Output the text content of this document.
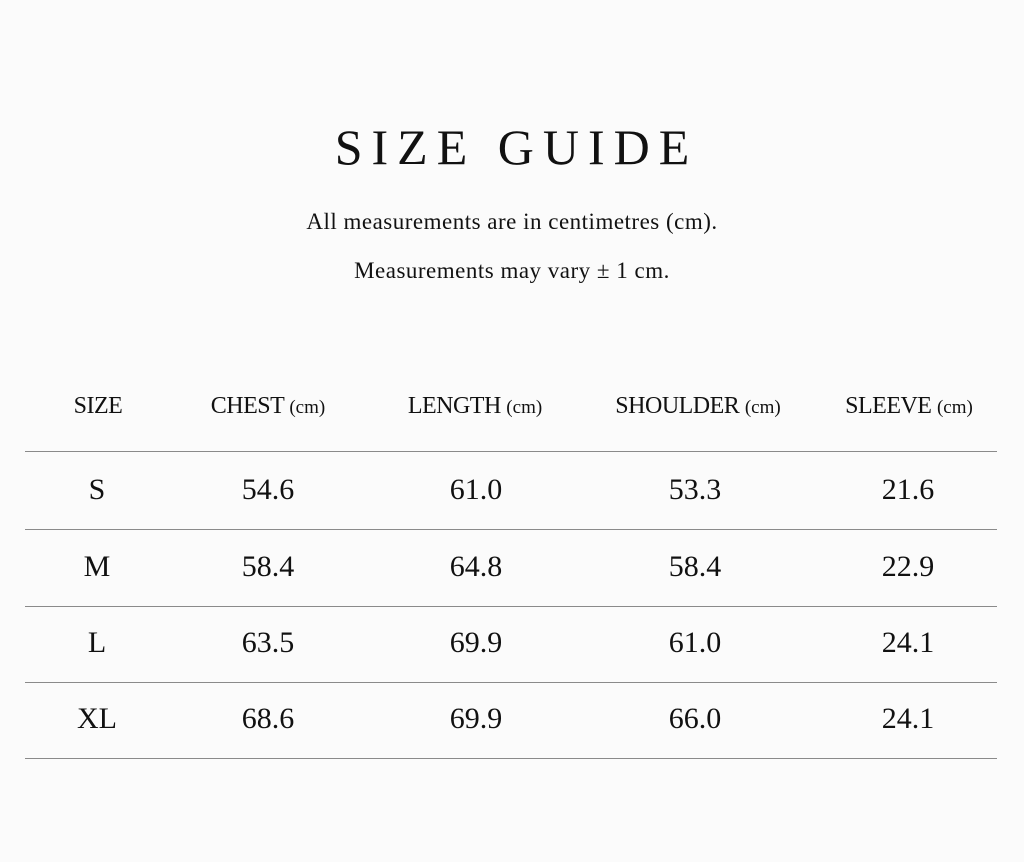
SIZE GUIDE
All measurements are in centimetres (cm).
Measurements may vary ± 1 cm.
SIZE	CHEST (cm)	LENGTH (cm)	SHOULDER (cm)	SLEEVE (cm)
S	54.6	61.0	53.3	21.6
M	58.4	64.8	58.4	22.9
L	63.5	69.9	61.0	24.1
XL	68.6	69.9	66.0	24.1
